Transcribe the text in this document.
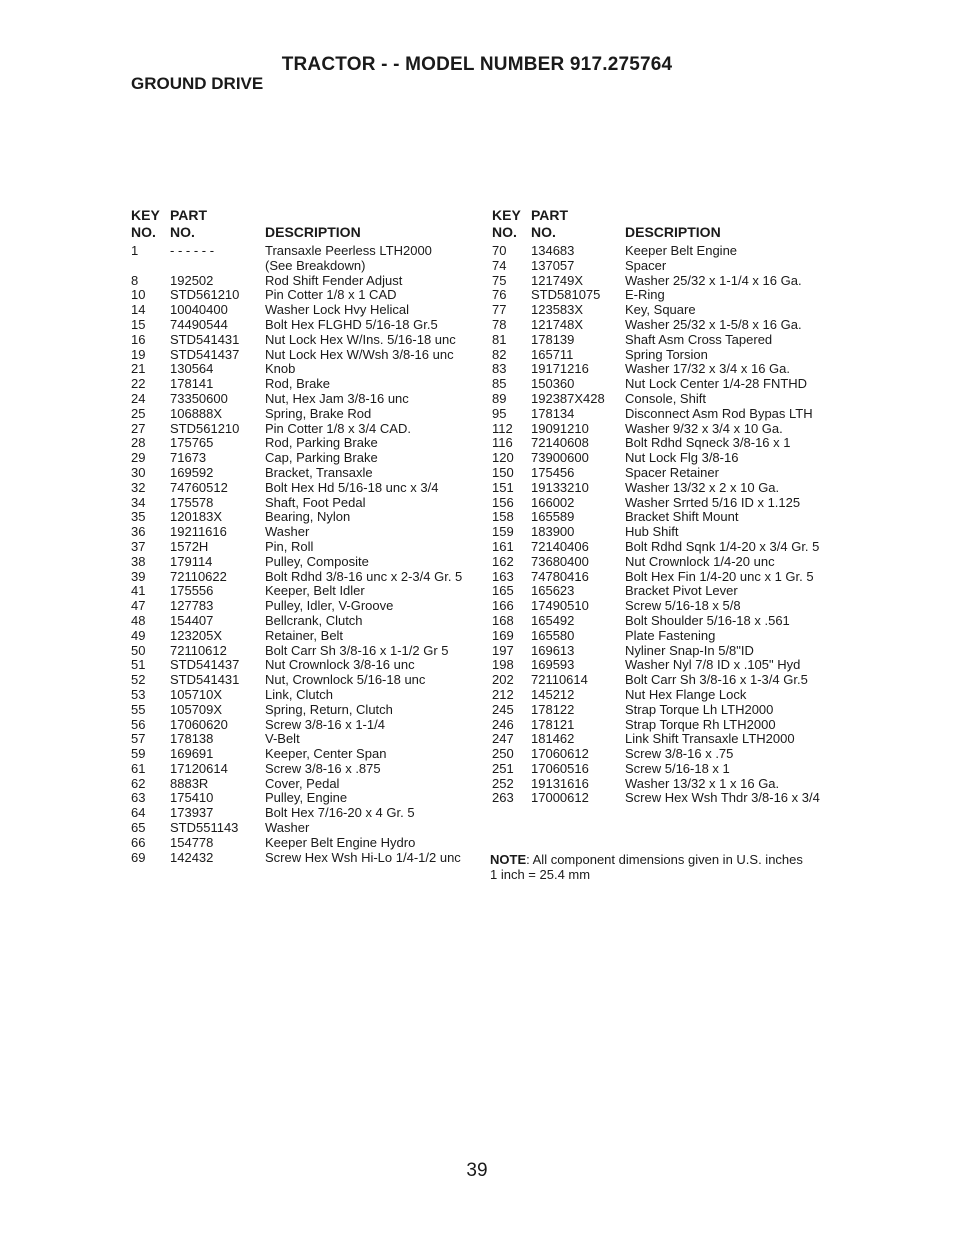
TRACTOR - - MODEL NUMBER 917.275764
GROUND DRIVE
KEY
NO.
PART
NO.	DESCRIPTION
1 - - - - - -	Transaxle Peerless LTH2000
(See Breakdown)
8 192502	Rod Shift Fender Adjust
10 STD561210 Pin Cotter 1/8 x 1 CAD
14 10040400	Washer Lock Hvy Helical
15 74490544	Bolt Hex FLGHD 5/16-18 Gr.5
16 STD541431 Nut Lock Hex W/Ins. 5/16-18 unc
19 STD541437 Nut Lock Hex W/Wsh 3/8-16 unc
21 130564	Knob
22 178141	Rod, Brake
24 73350600	Nut, Hex Jam 3/8-16 unc
25 106888X	Spring, Brake Rod
27 STD561210 Pin Cotter 1/8 x 3/4 CAD.
28 175765	Rod, Parking Brake
29 71673	Cap, Parking Brake
30 169592	Bracket, Transaxle
32 74760512	Bolt Hex Hd 5/16-18 unc x 3/4
34 175578	Shaft, Foot Pedal
35 120183X	Bearing, Nylon
36 19211616	Washer
37 1572H	Pin, Roll
38 179114	Pulley, Composite
39 72110622	Bolt Rdhd 3/8-16 unc x 2-3/4 Gr. 5
41 175556	Keeper, Belt Idler
47 127783	Pulley, Idler, V-Groove
48 154407	Bellcrank, Clutch
49 123205X	Retainer, Belt
50 72110612	Bolt Carr Sh 3/8-16 x 1-1/2 Gr 5
51 STD541437 Nut Crownlock 3/8-16 unc
52 STD541431 Nut, Crownlock 5/16-18 unc
53 105710X	Link, Clutch
55 105709X	Spring, Return, Clutch
56 17060620	Screw 3/8-16 x 1-1/4
57 178138	V-Belt
59 169691	Keeper, Center Span
61 17120614	Screw 3/8-16 x .875
62 8883R	Cover, Pedal
63 175410	Pulley, Engine
64 173937	Bolt Hex 7/16-20 x 4 Gr. 5
65 STD551143 Washer
66 154778	Keeper Belt Engine Hydro
69 142432	Screw Hex Wsh Hi-Lo 1/4-1/2 unc
KEY
NO.
PART
NO.	DESCRIPTION
70 134683	Keeper Belt Engine
74 137057	Spacer
75 121749X	Washer 25/32 x 1-1/4 x 16 Ga.
76 STD581075 E-Ring
77 123583X	Key, Square
78 121748X	Washer 25/32 x 1-5/8 x 16 Ga.
81 178139	Shaft Asm Cross Tapered
82 165711	Spring Torsion
83 19171216	Washer 17/32 x 3/4 x 16 Ga.
85 150360	Nut Lock Center 1/4-28 FNTHD
89 192387X428 Console, Shift
95 178134	Disconnect Asm Rod Bypas LTH
112 19091210	Washer 9/32 x 3/4 x 10 Ga.
116 72140608	Bolt Rdhd Sqneck 3/8-16 x 1
120 73900600	Nut Lock Flg 3/8-16
150 175456	Spacer Retainer
151 19133210	Washer 13/32 x 2 x 10 Ga.
156 166002	Washer Srrted 5/16 ID x 1.125
158 165589	Bracket Shift Mount
159 183900	Hub Shift
161 72140406	Bolt Rdhd Sqnk 1/4-20 x 3/4 Gr. 5
162 73680400	Nut Crownlock 1/4-20 unc
163 74780416	Bolt Hex Fin 1/4-20 unc x 1 Gr. 5
165 165623	Bracket Pivot Lever
166 17490510	Screw 5/16-18 x 5/8
168 165492	Bolt Shoulder 5/16-18 x .561
169 165580	Plate Fastening
197 169613	Nyliner Snap-In 5/8"ID
198 169593	Washer Nyl 7/8 ID x .105" Hyd
202 72110614	Bolt Carr Sh 3/8-16 x 1-3/4 Gr.5
212 145212	Nut Hex Flange Lock
245 178122	Strap Torque Lh LTH2000
246 178121	Strap Torque Rh LTH2000
247 181462	Link Shift Transaxle LTH2000
250 17060612	Screw 3/8-16 x .75
251 17060516	Screw 5/16-18 x 1
252 19131616	Washer 13/32 x 1 x 16 Ga.
263 17000612	Screw Hex Wsh Thdr 3/8-16 x 3/4
NOTE: All component dimensions given in U.S. inches
1 inch = 25.4 mm
39
